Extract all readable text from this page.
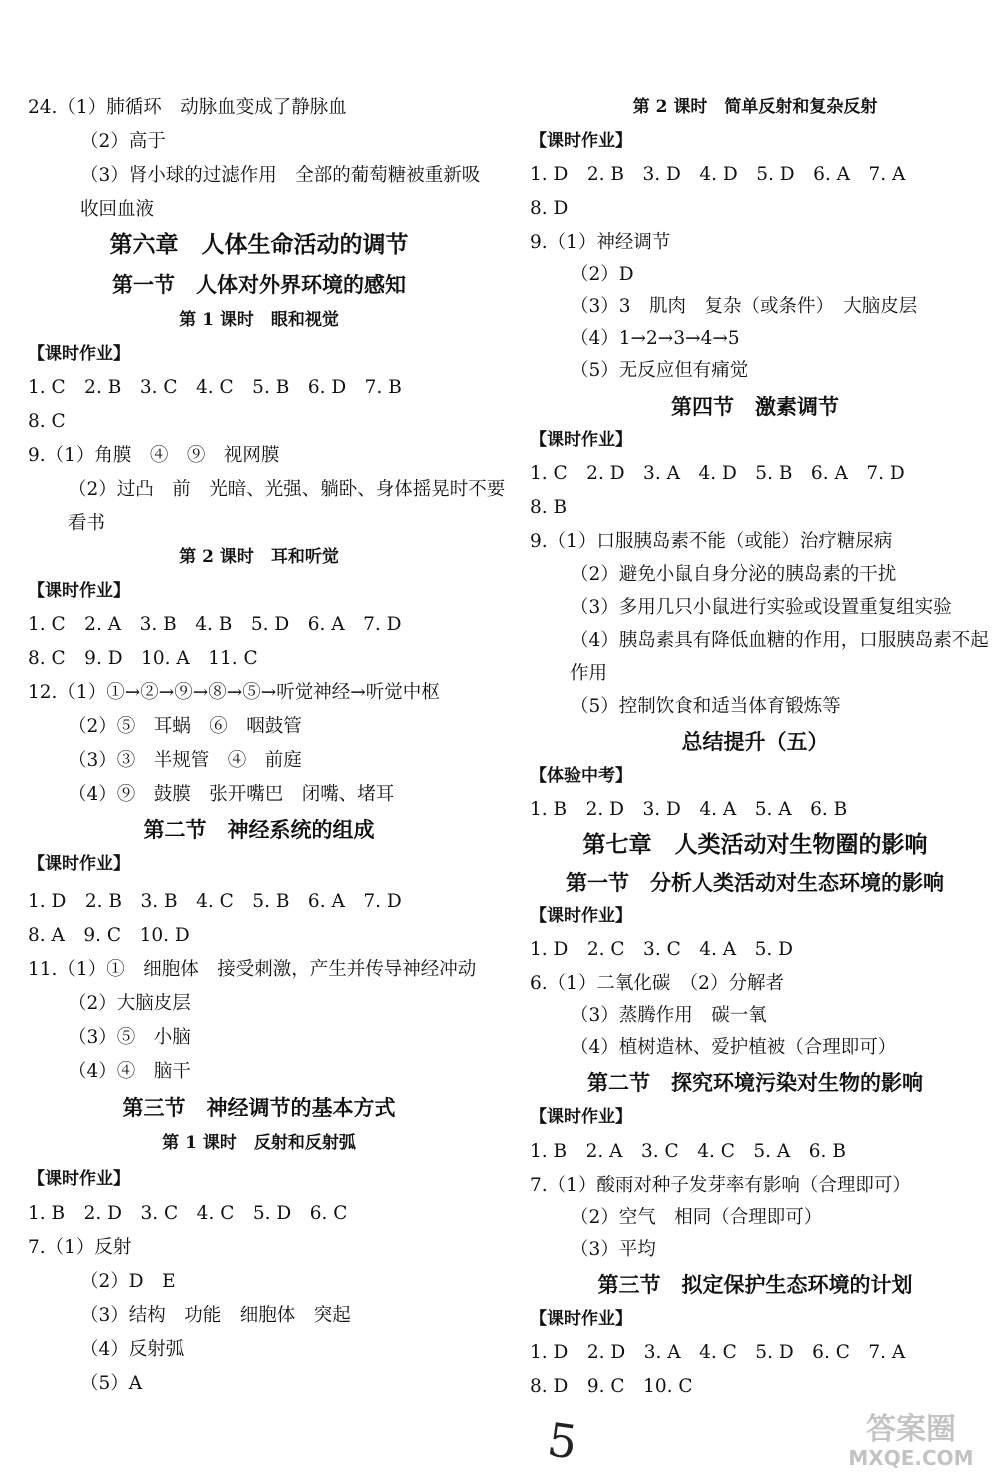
24.（1）肺循环　动脉血变成了静脉血
（2）高于
（3）肾小球的过滤作用　全部的葡萄糖被重新吸
收回血液
第六章　人体生命活动的调节
第一节　人体对外界环境的感知
第 1 课时　眼和视觉
【课时作业】
1. C　2. B　3. C　4. C　5. B　6. D　7. B
8. C
9.（1）角膜　④　⑨　视网膜
（2）过凸　前　光暗、光强、躺卧、身体摇晃时不要
看书
第 2 课时　耳和听觉
【课时作业】
1. C　2. A　3. B　4. B　5. D　6. A　7. D
8. C　9. D　10. A　11. C
12.（1）①→②→⑨→⑧→⑤→听觉神经→听觉中枢
（2）⑤　耳蜗　⑥　咽鼓管
（3）③　半规管　④　前庭
（4）⑨　鼓膜　张开嘴巴　闭嘴、堵耳
第二节　神经系统的组成
【课时作业】
1. D　2. B　3. B　4. C　5. B　6. A　7. D
8. A　9. C　10. D
11.（1）①　细胞体　接受刺激，产生并传导神经冲动
（2）大脑皮层
（3）⑤　小脑
（4）④　脑干
第三节　神经调节的基本方式
第 1 课时　反射和反射弧
【课时作业】
1. B　2. D　3. C　4. C　5. D　6. C
7.（1）反射
（2）D　E
（3）结构　功能　细胞体　突起
（4）反射弧
（5）A
第 2 课时　简单反射和复杂反射
【课时作业】
1. D　2. B　3. D　4. D　5. D　6. A　7. A
8. D
9.（1）神经调节
（2）D
（3）3　肌肉　复杂（或条件）　大脑皮层
（4）1→2→3→4→5
（5）无反应但有痛觉
第四节　激素调节
【课时作业】
1. C　2. D　3. A　4. D　5. B　6. A　7. D
8. B
9.（1）口服胰岛素不能（或能）治疗糖尿病
（2）避免小鼠自身分泌的胰岛素的干扰
（3）多用几只小鼠进行实验或设置重复组实验
（4）胰岛素具有降低血糖的作用，口服胰岛素不起
作用
（5）控制饮食和适当体育锻炼等
总结提升（五）
【体验中考】
1. B　2. D　3. D　4. A　5. A　6. B
第七章　人类活动对生物圈的影响
第一节　分析人类活动对生态环境的影响
【课时作业】
1. D　2. C　3. C　4. A　5. D
6.（1）二氧化碳　（2）分解者
（3）蒸腾作用　碳一氧
（4）植树造林、爱护植被（合理即可）
第二节　探究环境污染对生物的影响
【课时作业】
1. B　2. A　3. C　4. C　5. A　6. B
7.（1）酸雨对种子发芽率有影响（合理即可）
（2）空气　相同（合理即可）
（3）平均
第三节　拟定保护生态环境的计划
【课时作业】
1. D　2. D　3. A　4. C　5. D　6. C　7. A
8. D　9. C　10. C
5	答案圈
MXQE.COM
